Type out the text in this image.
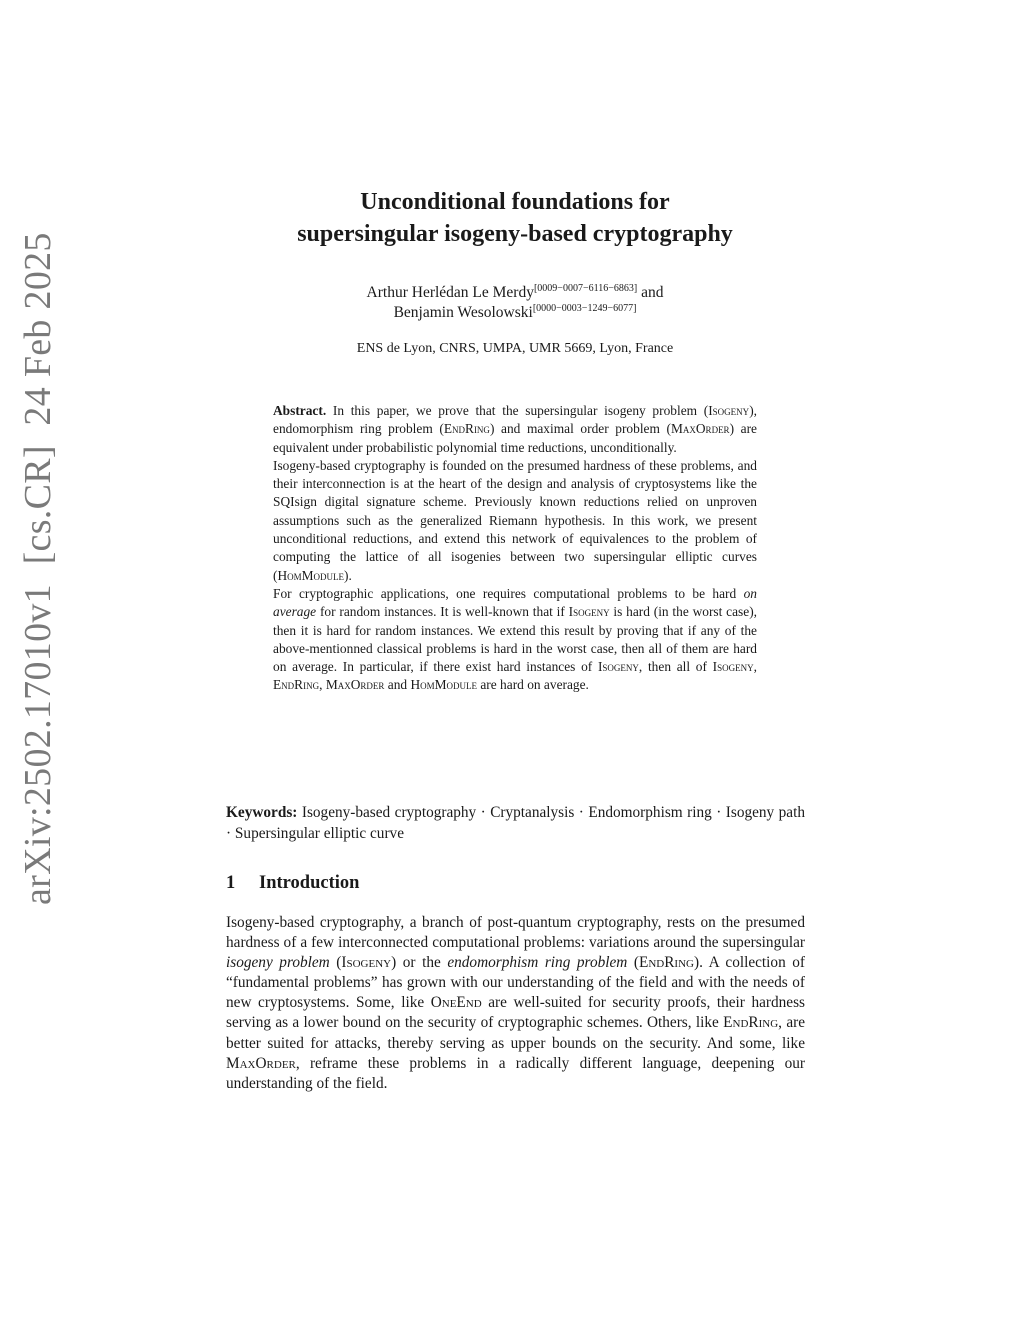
arXiv:2502.17010v1  [cs.CR]  24 Feb 2025
Unconditional foundations for
supersingular isogeny-based cryptography
Arthur Herlédan Le Merdy[0009−0007−6116−6863] and
Benjamin Wesolowski[0000−0003−1249−6077]
ENS de Lyon, CNRS, UMPA, UMR 5669, Lyon, France

Abstract. In this paper, we prove that the supersingular isogeny problem (Isogeny), endomorphism ring problem (EndRing) and maximal order problem (MaxOrder) are equivalent under probabilistic polynomial time reductions, unconditionally.

Isogeny-based cryptography is founded on the presumed hardness of these problems, and their interconnection is at the heart of the design and analysis of cryptosystems like the SQIsign digital signature scheme. Previously known reductions relied on unproven assumptions such as the generalized Riemann hypothesis. In this work, we present unconditional reductions, and extend this network of equivalences to the problem of computing the lattice of all isogenies between two supersingular elliptic curves (HomModule).

For cryptographic applications, one requires computational problems to be hard on average for random instances. It is well-known that if Isogeny is hard (in the worst case), then it is hard for random instances. We extend this result by proving that if any of the above-mentionned classical problems is hard in the worst case, then all of them are hard on average. In particular, if there exist hard instances of Isogeny, then all of Isogeny, EndRing, MaxOrder and HomModule are hard on average.

Keywords: Isogeny-based cryptography · Cryptanalysis · Endomorphism ring · Isogeny path · Supersingular elliptic curve
1 Introduction

Isogeny-based cryptography, a branch of post-quantum cryptography, rests on the presumed hardness of a few interconnected computational problems: variations around the supersingular isogeny problem (Isogeny) or the endomorphism ring problem (EndRing). A collection of “fundamental problems” has grown with our understanding of the field and with the needs of new cryptosystems. Some, like OneEnd are well-suited for security proofs, their hardness serving as a lower bound on the security of cryptographic schemes. Others, like EndRing, are better suited for attacks, thereby serving as upper bounds on the security. And some, like MaxOrder, reframe these problems in a radically different language, deepening our understanding of the field.
